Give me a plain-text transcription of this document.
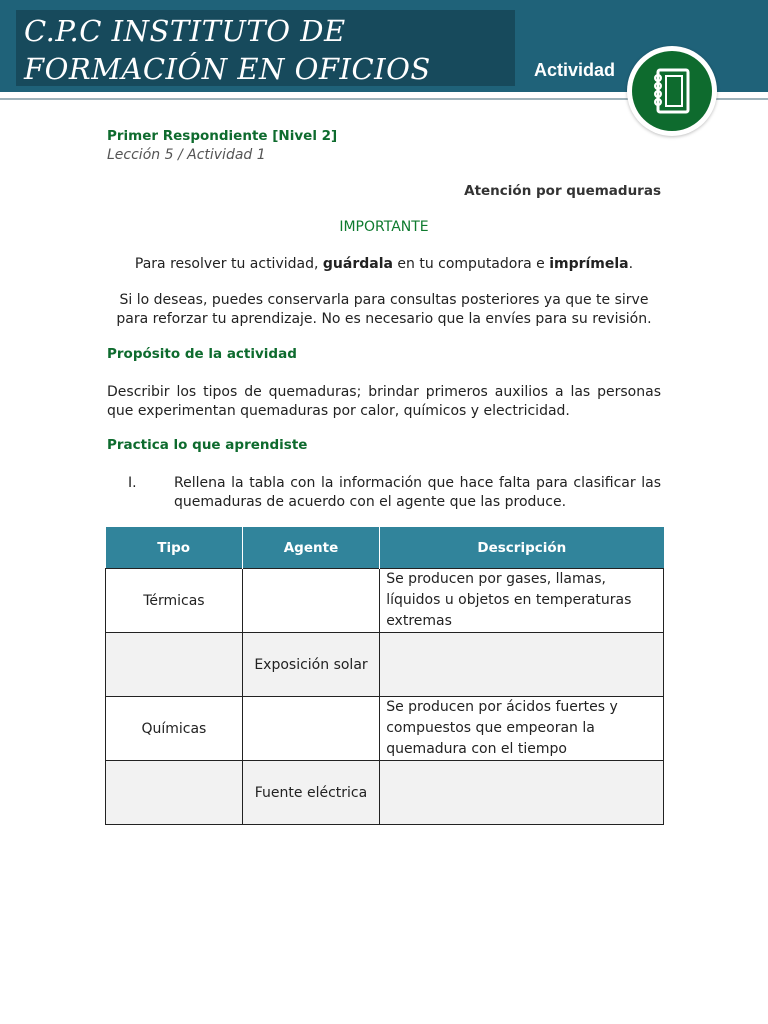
C.P.C INSTITUTO DE
FORMACIÓN EN OFICIOS	Actividad
Primer Respondiente [Nivel 2]
Lección 5 / Actividad 1
Atención por quemaduras
IMPORTANTE
Para resolver tu actividad, guárdala en tu computadora e imprímela.
Si lo deseas, puedes conservarla para consultas posteriores ya que te sirve para reforzar tu aprendizaje. No es necesario que la envíes para su revisión.
Propósito de la actividad
Describir los tipos de quemaduras; brindar primeros auxilios a las personas que experimentan quemaduras por calor, químicos y electricidad.
Practica lo que aprendiste
I.	Rellena la tabla con la información que hace falta para clasificar las quemaduras de acuerdo con el agente que las produce.
Tipo	Agente	Descripción
Térmicas		Se producen por gases, llamas, líquidos u objetos en temperaturas extremas
	Exposición solar	
Químicas		Se producen por ácidos fuertes y compuestos que empeoran la quemadura con el tiempo
	Fuente eléctrica	
